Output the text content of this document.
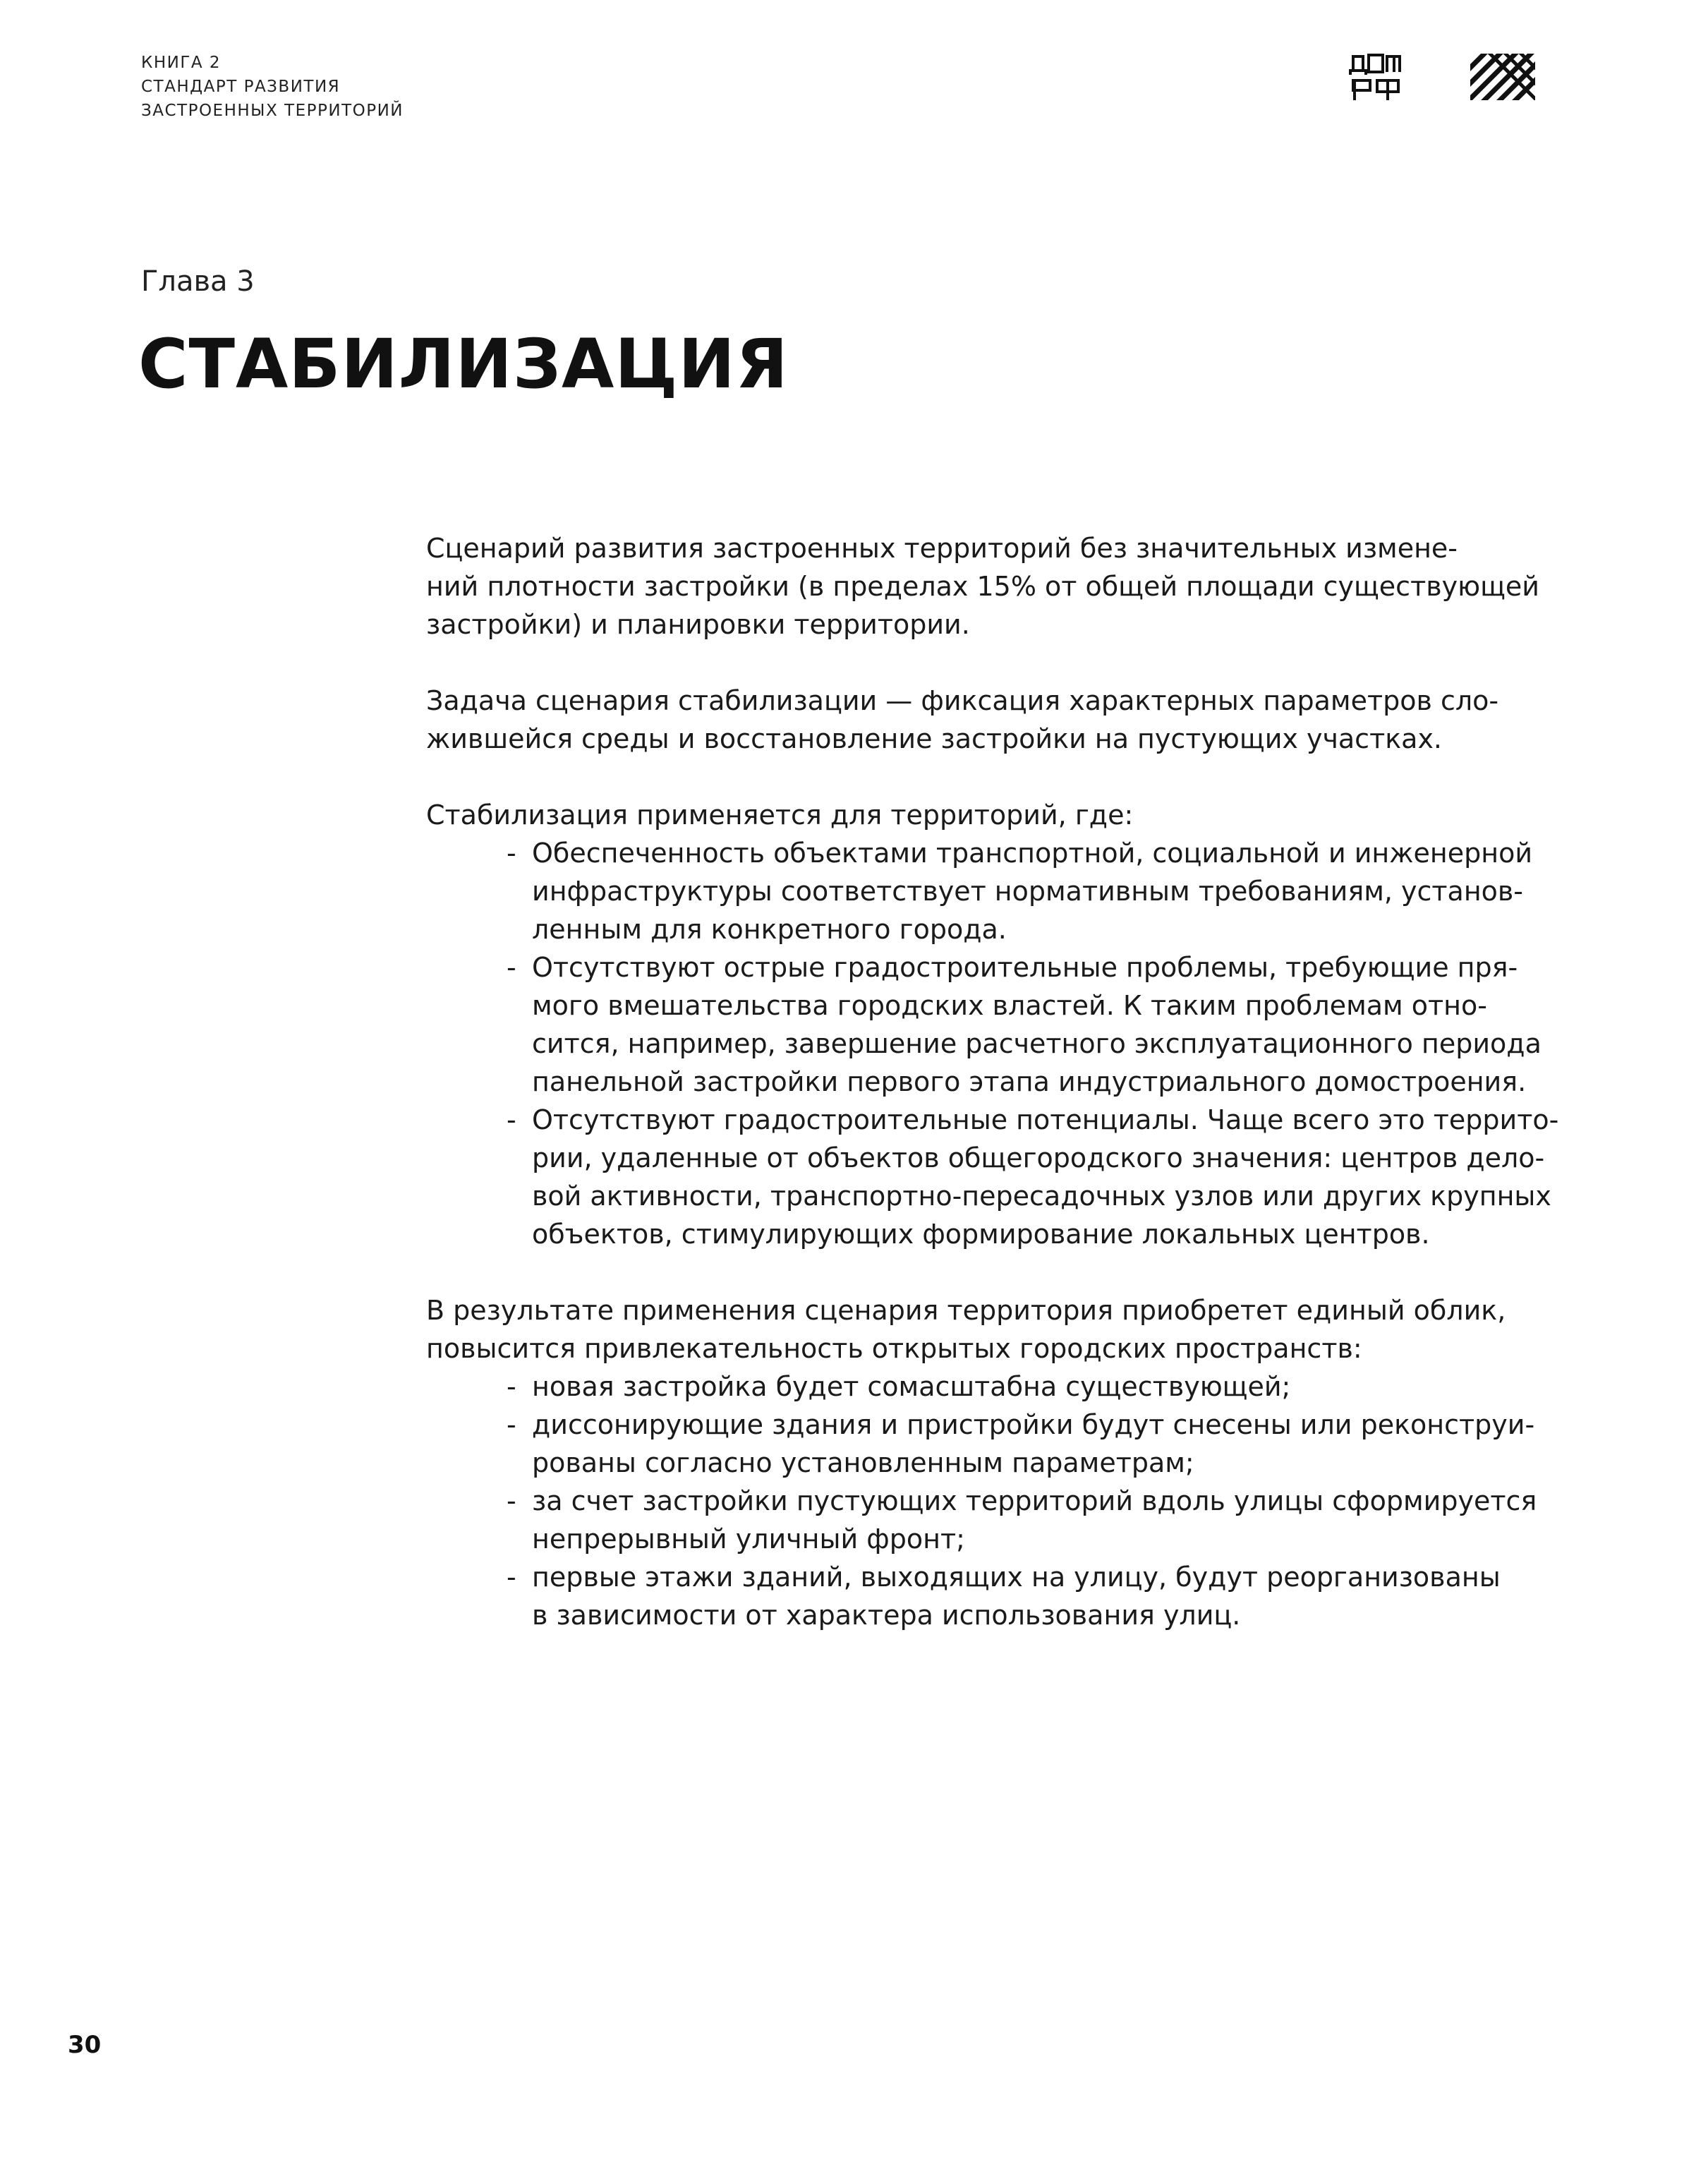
КНИГА 2
СТАНДАРТ РАЗВИТИЯ
ЗАСТРОЕННЫХ ТЕРРИТОРИЙ
Глава 3
СТАБИЛИЗАЦИЯ

Сценарий развития застроенных территорий без значительных измене-
ний плотности застройки (в пределах 15% от общей площади существующей
застройки) и планировки территории.

Задача сценария стабилизации — фиксация характерных параметров сло-
жившейся среды и восстановление застройки на пустующих участках.

Стабилизация применяется для территорий, где:

- Обеспеченность объектами транспортной, социальной и инженерной
инфраструктуры соответствует нормативным требованиям, установ-
ленным для конкретного города.
- Отсутствуют острые градостроительные проблемы, требующие пря-
мого вмешательства городских властей. К таким проблемам отно-
сится, например, завершение расчетного эксплуатационного периода
панельной застройки первого этапа индустриального домостроения.
- Отсутствуют градостроительные потенциалы. Чаще всего это террито-
рии, удаленные от объектов общегородского значения: центров дело-
вой активности, транспортно-пересадочных узлов или других крупных
объектов, стимулирующих формирование локальных центров.

В результате применения сценария территория приобретет единый облик,
повысится привлекательность открытых городских пространств:

- новая застройка будет сомасштабна существующей;
- диссонирующие здания и пристройки будут снесены или реконструи-
рованы согласно установленным параметрам;
- за счет застройки пустующих территорий вдоль улицы сформируется
непрерывный уличный фронт;
- первые этажи зданий, выходящих на улицу, будут реорганизованы
в зависимости от характера использования улиц.
30
